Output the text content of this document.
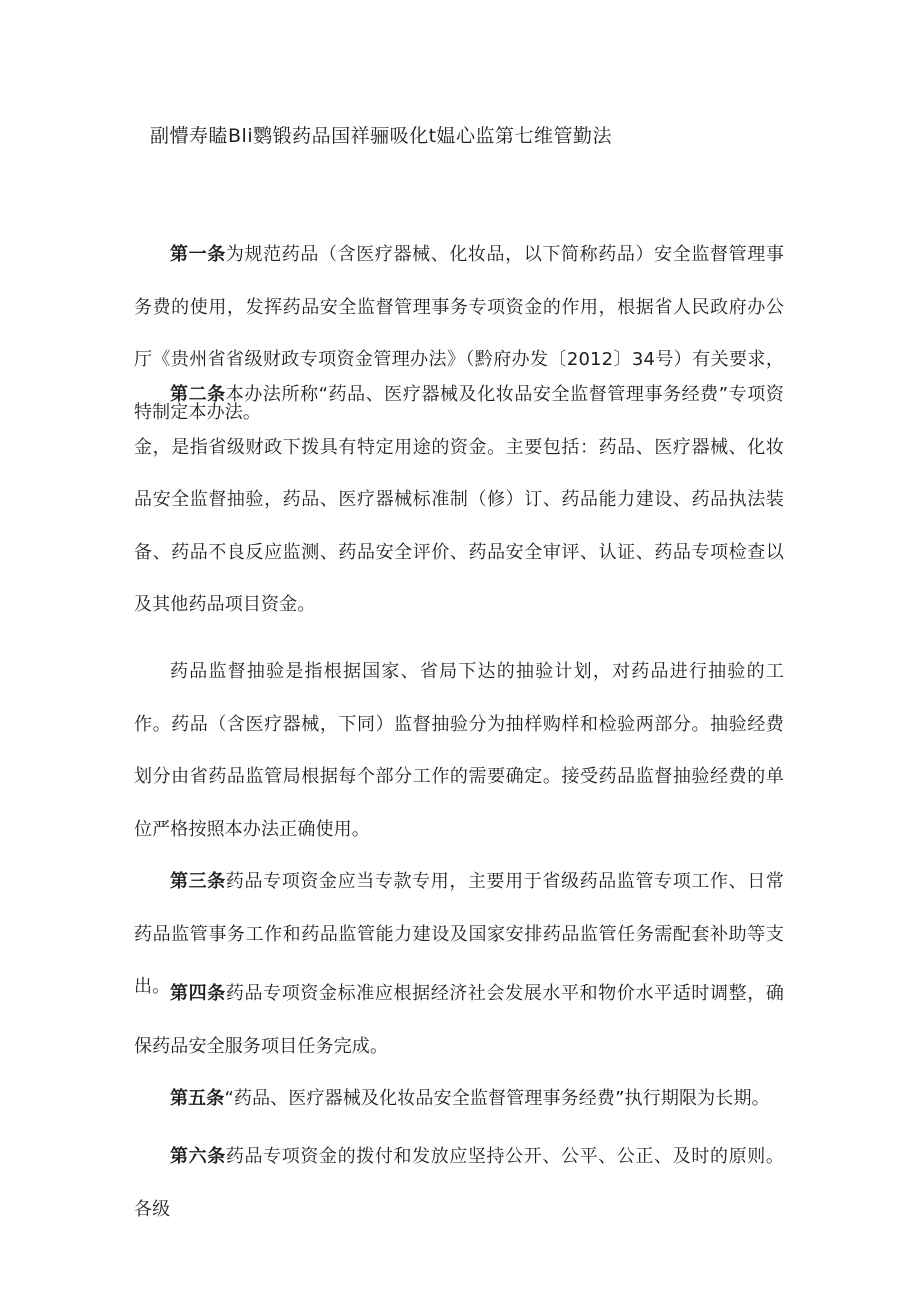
副懵寿瞌Bli鹦锻药品国祥骊吸化t媪心监第七维管勤法

第一条为规范药品（含医疗器械、化妆品，以下简称药品）安全监督管理事务费的使用，发挥药品安全监督管理事务专项资金的作用，根据省人民政府办公厅《贵州省省级财政专项资金管理办法》（黔府办发〔2012〕34号）有关要求，特制定本办法。

第二条本办法所称“药品、医疗器械及化妆品安全监督管理事务经费”专项资金，是指省级财政下拨具有特定用途的资金。主要包括：药品、医疗器械、化妆品安全监督抽验，药品、医疗器械标准制（修）订、药品能力建设、药品执法装备、药品不良反应监测、药品安全评价、药品安全审评、认证、药品专项检查以及其他药品项目资金。

药品监督抽验是指根据国家、省局下达的抽验计划，对药品进行抽验的工作。药品（含医疗器械，下同）监督抽验分为抽样购样和检验两部分。抽验经费划分由省药品监管局根据每个部分工作的需要确定。接受药品监督抽验经费的单位严格按照本办法正确使用。

第三条药品专项资金应当专款专用，主要用于省级药品监管专项工作、日常药品监管事务工作和药品监管能力建设及国家安排药品监管任务需配套补助等支出。 第四条药品专项资金标准应根据经济社会发展水平和物价水平适时调整，确保药品安全服务项目任务完成。

第五条“药品、医疗器械及化妆品安全监督管理事务经费”执行期限为长期。

第六条药品专项资金的拨付和发放应坚持公开、公平、公正、及时的原则。各级
